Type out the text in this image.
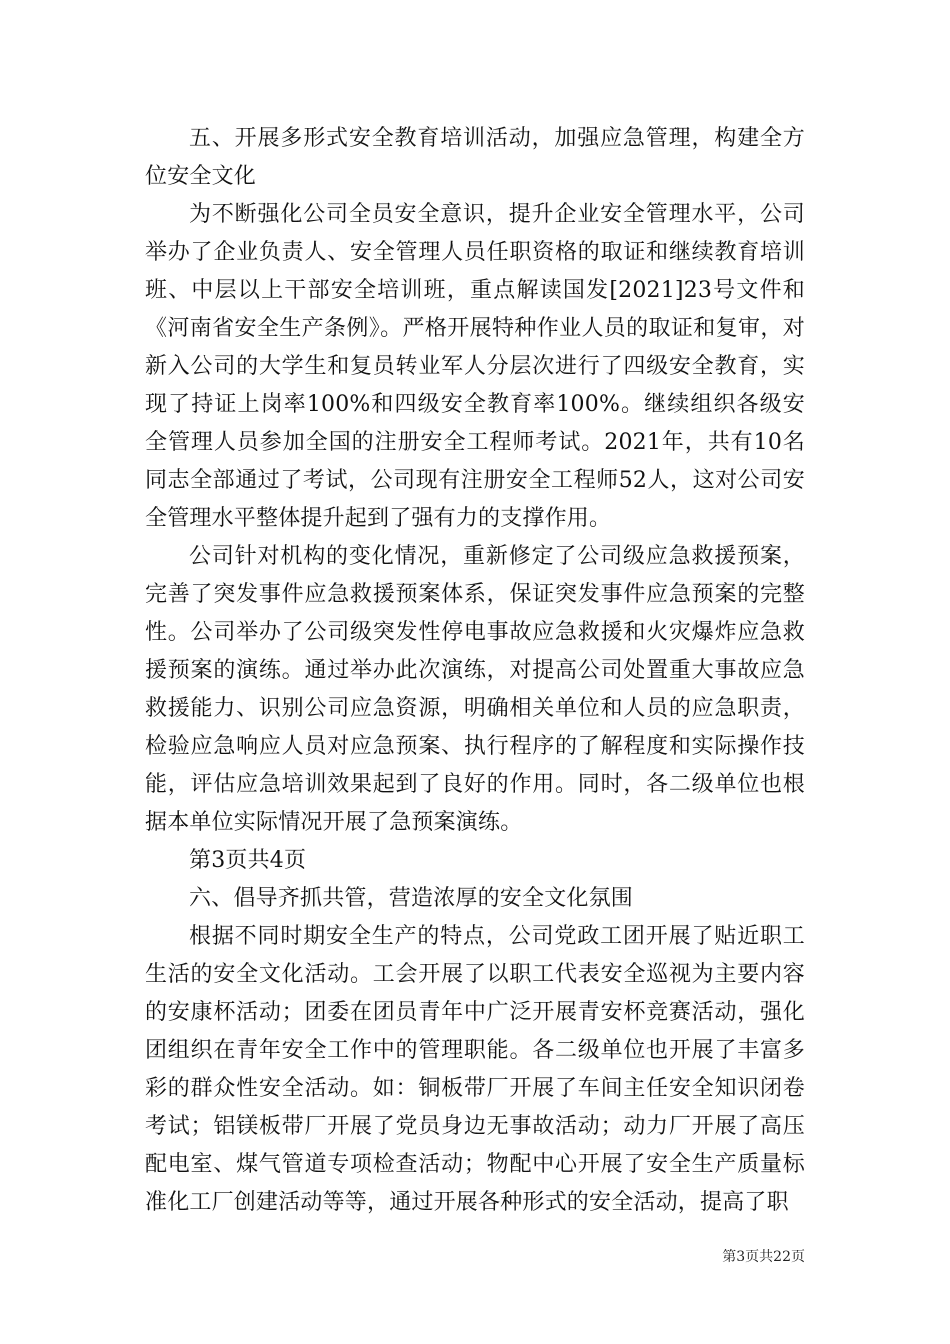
五、开展多形式安全教育培训活动，加强应急管理，构建全方位安全文化

为不断强化公司全员安全意识，提升企业安全管理水平，公司举办了企业负责人、安全管理人员任职资格的取证和继续教育培训班、中层以上干部安全培训班，重点解读国发[2021]23号文件和《河南省安全生产条例》。严格开展特种作业人员的取证和复审，对新入公司的大学生和复员转业军人分层次进行了四级安全教育，实现了持证上岗率100%和四级安全教育率100%。继续组织各级安全管理人员参加全国的注册安全工程师考试。2021年，共有10名同志全部通过了考试，公司现有注册安全工程师52人，这对公司安全管理水平整体提升起到了强有力的支撑作用。

公司针对机构的变化情况，重新修定了公司级应急救援预案，完善了突发事件应急救援预案体系，保证突发事件应急预案的完整性。公司举办了公司级突发性停电事故应急救援和火灾爆炸应急救援预案的演练。通过举办此次演练，对提高公司处置重大事故应急救援能力、识别公司应急资源，明确相关单位和人员的应急职责，检验应急响应人员对应急预案、执行程序的了解程度和实际操作技能，评估应急培训效果起到了良好的作用。同时，各二级单位也根据本单位实际情况开展了急预案演练。

第3页共4页

六、倡导齐抓共管，营造浓厚的安全文化氛围

根据不同时期安全生产的特点，公司党政工团开展了贴近职工生活的安全文化活动。工会开展了以职工代表安全巡视为主要内容的安康杯活动；团委在团员青年中广泛开展青安杯竞赛活动，强化团组织在青年安全工作中的管理职能。各二级单位也开展了丰富多彩的群众性安全活动。如：铜板带厂开展了车间主任安全知识闭卷考试；铝镁板带厂开展了党员身边无事故活动；动力厂开展了高压配电室、煤气管道专项检查活动；物配中心开展了安全生产质量标准化工厂创建活动等等，通过开展各种形式的安全活动，提高了职

第3页共22页
